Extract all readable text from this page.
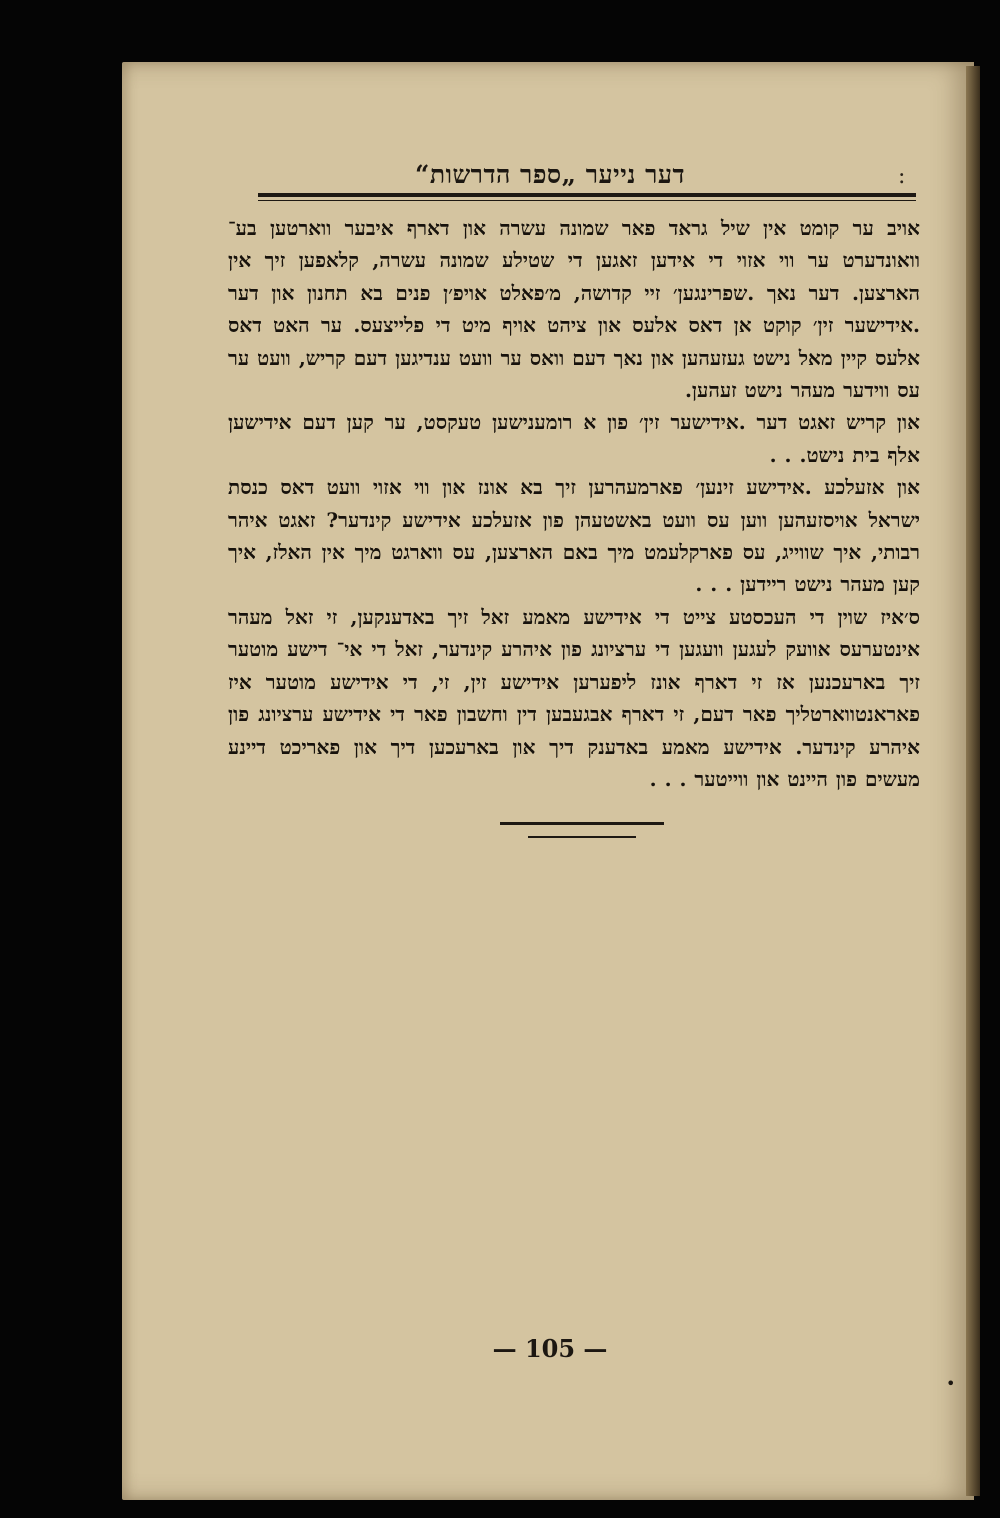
דער נייער „ספר הדרשות“	:

אויב ער קומט אין שיל גראד פאר שמונה עשרה און דארף איבער ווארטען בע־ וואונדערט ער ווי אזוי די אידען זאגען די שטילע שמונה עשרה, קלאפען זיך אין הארצען. דער נאך .שפרינגען׳ זיי קדושה, מ׳פאלט אויפ׳ן פנים בא תחנון און דער .אידישער זין׳ קוקט אן דאס אלעס און ציהט אויף מיט די פלייצעס. ער האט דאס אלעס קיין מאל נישט געזעהען און נאך דעם וואס ער וועט ענדיגען דעם קריש, וועט ער עס ווידער מעהר נישט זעהען.

און קריש זאגט דער .אידישער זין׳ פון א רומענישען טעקסט, ער קען דעם אידישען אלף בית נישט. . .

און אזעלכע .אידישע זינען׳ פארמעהרען זיך בא אונז און ווי אזוי וועט דאס כנסת ישראל אויסזעהען ווען עס וועט באשטעהן פון אזעלכע אידישע קינדער? זאגט איהר רבותי, איך שווייג, עס פארקלעמט מיך באם הארצען, עס ווארגט מיך אין האלז, איך קען מעהר נישט ריידען . . .

ס׳איז שוין די העכסטע צייט די אידישע מאמע זאל זיך באדענקען, זי זאל מעהר אינטערעס אוועק לעגען וועגען די ערציונג פון איהרע קינדער, זאל די אי־ דישע מוטער זיך בארעכנען אז זי דארף אונז ליפערען אידישע זין, זי, די אידישע מוטער איז פאראנטווארטליך פאר דעם, זי דארף אבגעבען דין וחשבון פאר די אידישע ערציונג פון איהרע קינדער. אידישע מאמע באדענק דיך און בארעכען דיך און פאריכט דיינע מעשים פון היינט און ווייטער . . .

— 105 —
•
